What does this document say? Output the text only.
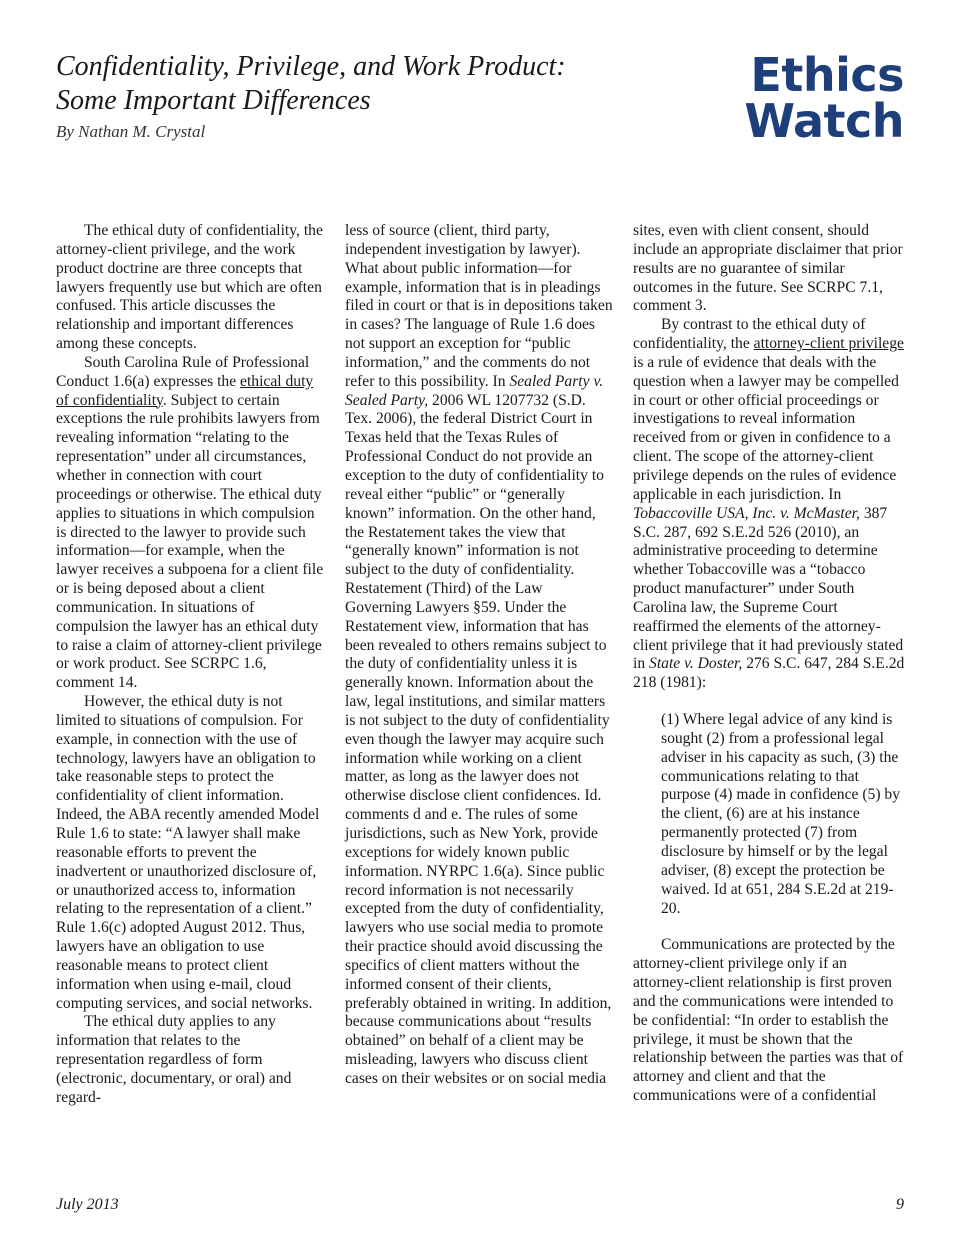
Confidentiality, Privilege, and Work Product:
Some Important Differences
By Nathan M. Crystal
Ethics
Watch

The ethical duty of confidentiality, the attorney-client privilege, and the work product doctrine are three concepts that lawyers frequently use but which are often confused. This article discusses the relationship and important differences among these concepts.

South Carolina Rule of Professional Conduct 1.6(a) expresses the ethical duty of confidentiality. Subject to certain exceptions the rule prohibits lawyers from revealing information “relating to the representation” under all circumstances, whether in connection with court proceedings or otherwise. The ethical duty applies to situations in which compulsion is directed to the lawyer to provide such information—for example, when the lawyer receives a subpoena for a client file or is being deposed about a client communication. In situations of compulsion the lawyer has an ethical duty to raise a claim of attorney-client privilege or work product. See SCRPC 1.6, comment 14.

However, the ethical duty is not limited to situations of compulsion. For example, in connection with the use of technology, lawyers have an obligation to take reasonable steps to protect the confidentiality of client information. Indeed, the ABA recently amended Model Rule 1.6 to state: “A lawyer shall make reasonable efforts to prevent the inadvertent or unauthorized disclosure of, or unauthorized access to, information relating to the representation of a client.” Rule 1.6(c) adopted August 2012. Thus, lawyers have an obligation to use reasonable means to protect client information when using e-mail, cloud computing services, and social networks.

The ethical duty applies to any information that relates to the representation regardless of form (electronic, documentary, or oral) and regard-

less of source (client, third party, independent investigation by lawyer). What about public information—for example, information that is in pleadings filed in court or that is in depositions taken in cases? The language of Rule 1.6 does not support an exception for “public information,” and the comments do not refer to this possibility. In Sealed Party v. Sealed Party, 2006 WL 1207732 (S.D. Tex. 2006), the federal District Court in Texas held that the Texas Rules of Professional Conduct do not provide an exception to the duty of confidentiality to reveal either “public” or “generally known” information. On the other hand, the Restatement takes the view that “generally known” information is not subject to the duty of confidentiality. Restatement (Third) of the Law Governing Lawyers §59. Under the Restatement view, information that has been revealed to others remains subject to the duty of confidentiality unless it is generally known. Information about the law, legal institutions, and similar matters is not subject to the duty of confidentiality even though the lawyer may acquire such information while working on a client matter, as long as the lawyer does not otherwise disclose client confidences. Id. comments d and e. The rules of some jurisdictions, such as New York, provide exceptions for widely known public information. NYRPC 1.6(a). Since public record information is not necessarily excepted from the duty of confidentiality, lawyers who use social media to promote their practice should avoid discussing the specifics of client matters without the informed consent of their clients, preferably obtained in writing. In addition, because communications about “results obtained” on behalf of a client may be misleading, lawyers who discuss client cases on their websites or on social media

sites, even with client consent, should include an appropriate disclaimer that prior results are no guarantee of similar outcomes in the future. See SCRPC 7.1, comment 3.

By contrast to the ethical duty of confidentiality, the attorney-client privilege is a rule of evidence that deals with the question when a lawyer may be compelled in court or other official proceedings or investigations to reveal information received from or given in confidence to a client. The scope of the attorney-client privilege depends on the rules of evidence applicable in each jurisdiction. In Tobaccoville USA, Inc. v. McMaster, 387 S.C. 287, 692 S.E.2d 526 (2010), an administrative proceeding to determine whether Tobaccoville was a “tobacco product manufacturer” under South Carolina law, the Supreme Court reaffirmed the elements of the attorney-client privilege that it had previously stated in State v. Doster, 276 S.C. 647, 284 S.E.2d 218 (1981):

(1) Where legal advice of any kind is sought (2) from a professional legal adviser in his capacity as such, (3) the communications relating to that purpose (4) made in confidence (5) by the client, (6) are at his instance permanently protected (7) from disclosure by himself or by the legal adviser, (8) except the protection be waived. Id at 651, 284 S.E.2d at 219-20.

Communications are protected by the attorney-client privilege only if an attorney-client relationship is first proven and the communications were intended to be confidential: “In order to establish the privilege, it must be shown that the relationship between the parties was that of attorney and client and that the communications were of a confidential

July 2013	9
